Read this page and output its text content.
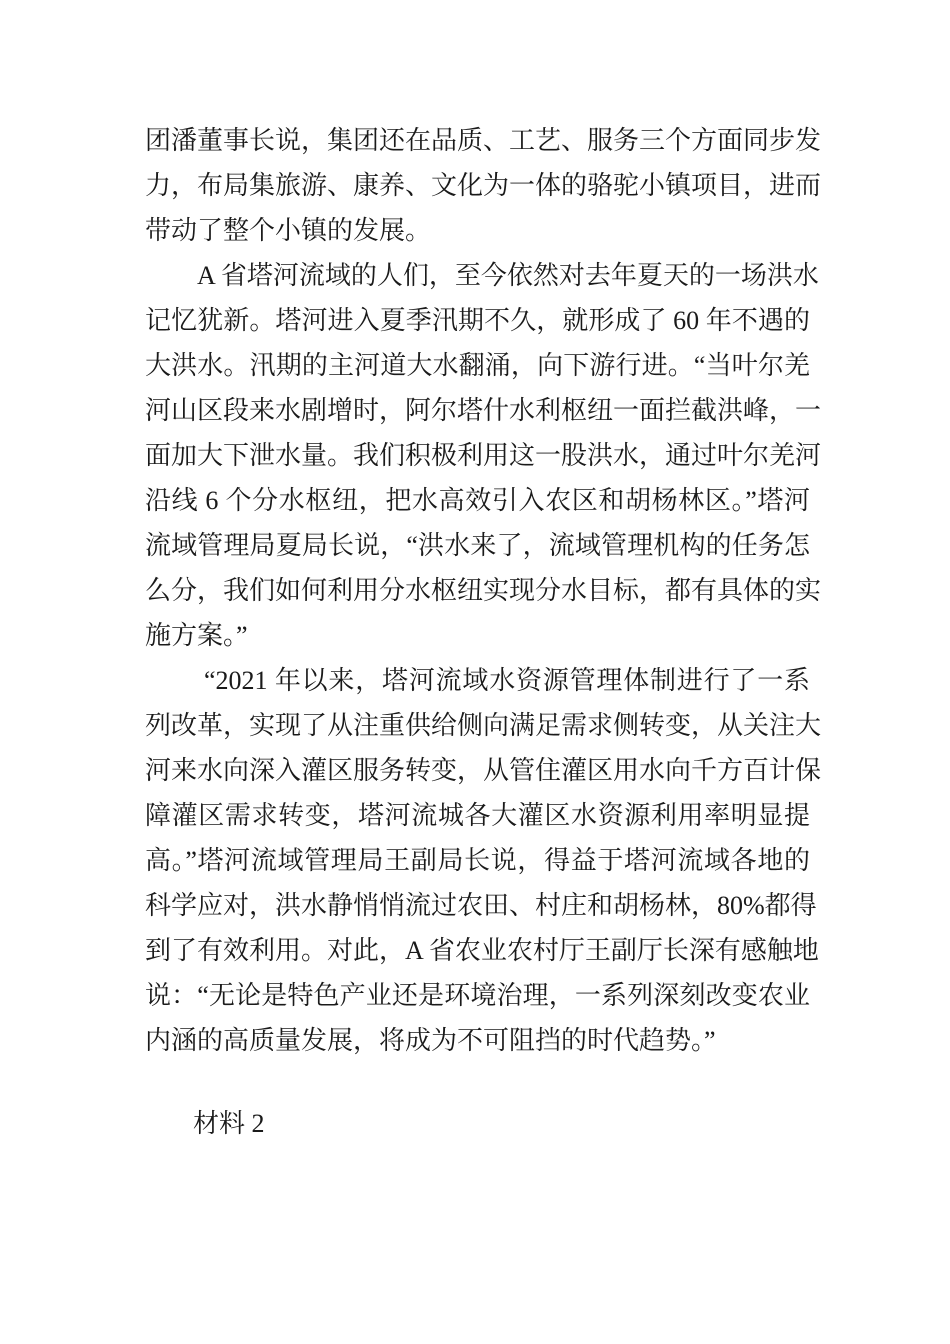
团潘董事长说，集团还在品质、工艺、服务三个方面同步发

力，布局集旅游、康养、文化为一体的骆驼小镇项目，进而

带动了整个小镇的发展。

A 省塔河流域的人们，至今依然对去年夏天的一场洪水

记忆犹新。塔河进入夏季汛期不久，就形成了 60 年不遇的

大洪水。汛期的主河道大水翻涌，向下游行进。“当叶尔羌

河山区段来水剧增时，阿尔塔什水利枢纽一面拦截洪峰，一

面加大下泄水量。我们积极利用这一股洪水，通过叶尔羌河

沿线 6 个分水枢纽，把水高效引入农区和胡杨林区。”塔河

流域管理局夏局长说，“洪水来了，流域管理机构的任务怎

么分，我们如何利用分水枢纽实现分水目标，都有具体的实

施方案。”

“2021 年以来，塔河流域水资源管理体制进行了一系

列改革，实现了从注重供给侧向满足需求侧转变，从关注大

河来水向深入灌区服务转变，从管住灌区用水向千方百计保

障灌区需求转变，塔河流城各大灌区水资源利用率明显提

高。”塔河流域管理局王副局长说，得益于塔河流域各地的

科学应对，洪水静悄悄流过农田、村庄和胡杨林，80%都得

到了有效利用。对此，A 省农业农村厅王副厅长深有感触地

说：“无论是特色产业还是环境治理，一系列深刻改变农业

内涵的高质量发展，将成为不可阻挡的时代趋势。”

材料 2
